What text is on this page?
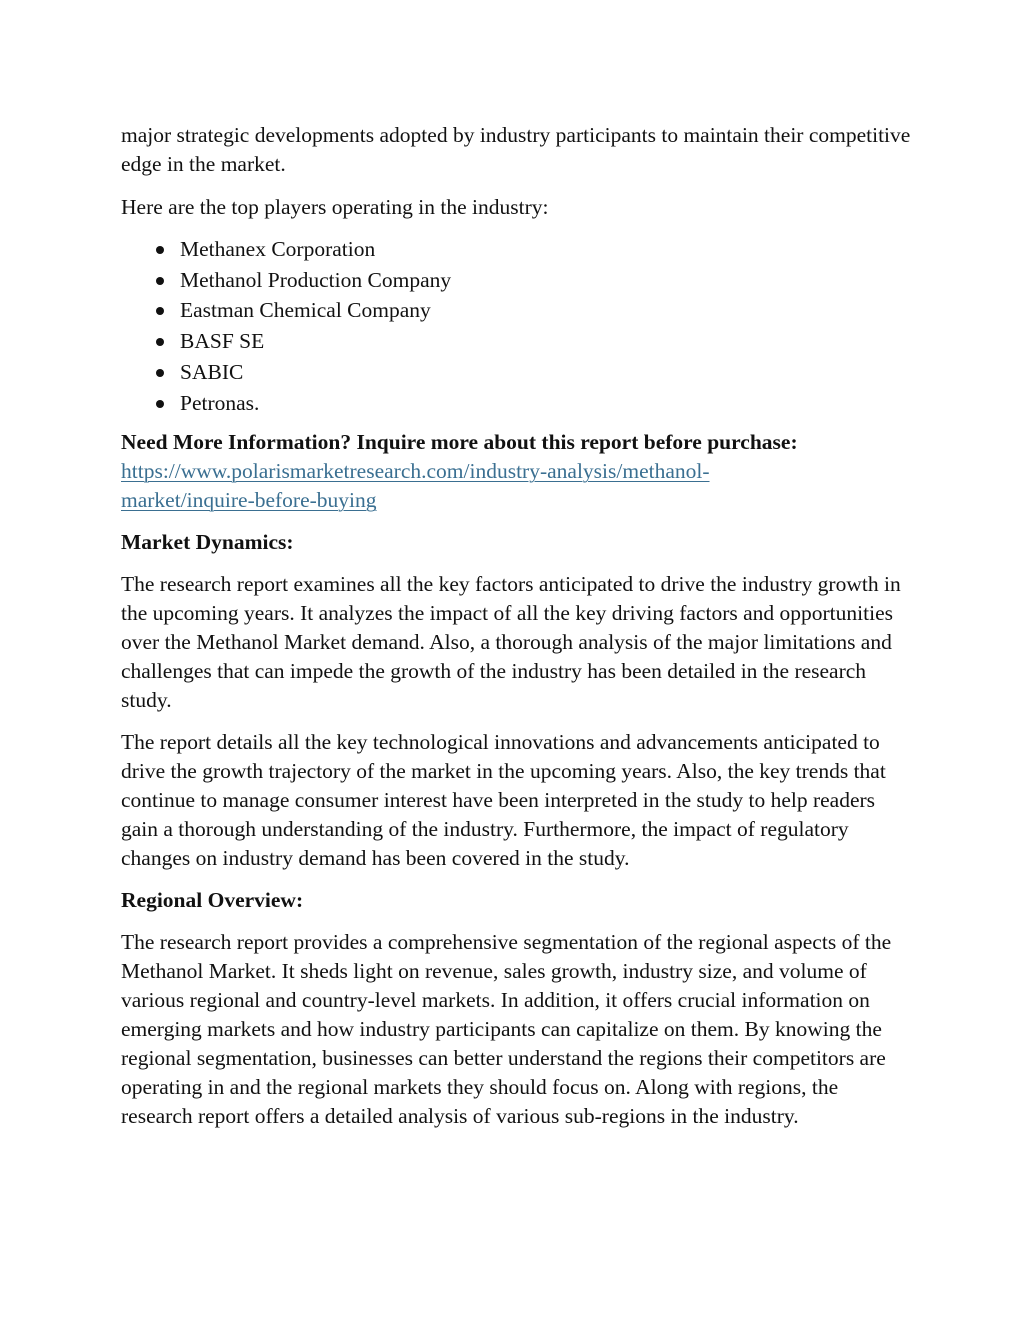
major strategic developments adopted by industry participants to maintain their competitive edge in the market.

Here are the top players operating in the industry:

Methanex Corporation
Methanol Production Company
Eastman Chemical Company
BASF SE
SABIC
Petronas.

Need More Information? Inquire more about this report before purchase:
https://www.polarismarketresearch.com/industry-analysis/methanol-
market/inquire-before-buying

Market Dynamics:

The research report examines all the key factors anticipated to drive the industry growth in the upcoming years. It analyzes the impact of all the key driving factors and opportunities over the Methanol Market demand. Also, a thorough analysis of the major limitations and challenges that can impede the growth of the industry has been detailed in the research study.

The report details all the key technological innovations and advancements anticipated to drive the growth trajectory of the market in the upcoming years. Also, the key trends that continue to manage consumer interest have been interpreted in the study to help readers gain a thorough understanding of the industry. Furthermore, the impact of regulatory changes on industry demand has been covered in the study.

Regional Overview:

The research report provides a comprehensive segmentation of the regional aspects of the Methanol Market. It sheds light on revenue, sales growth, industry size, and volume of various regional and country-level markets. In addition, it offers crucial information on emerging markets and how industry participants can capitalize on them. By knowing the regional segmentation, businesses can better understand the regions their competitors are operating in and the regional markets they should focus on. Along with regions, the research report offers a detailed analysis of various sub-regions in the industry.
